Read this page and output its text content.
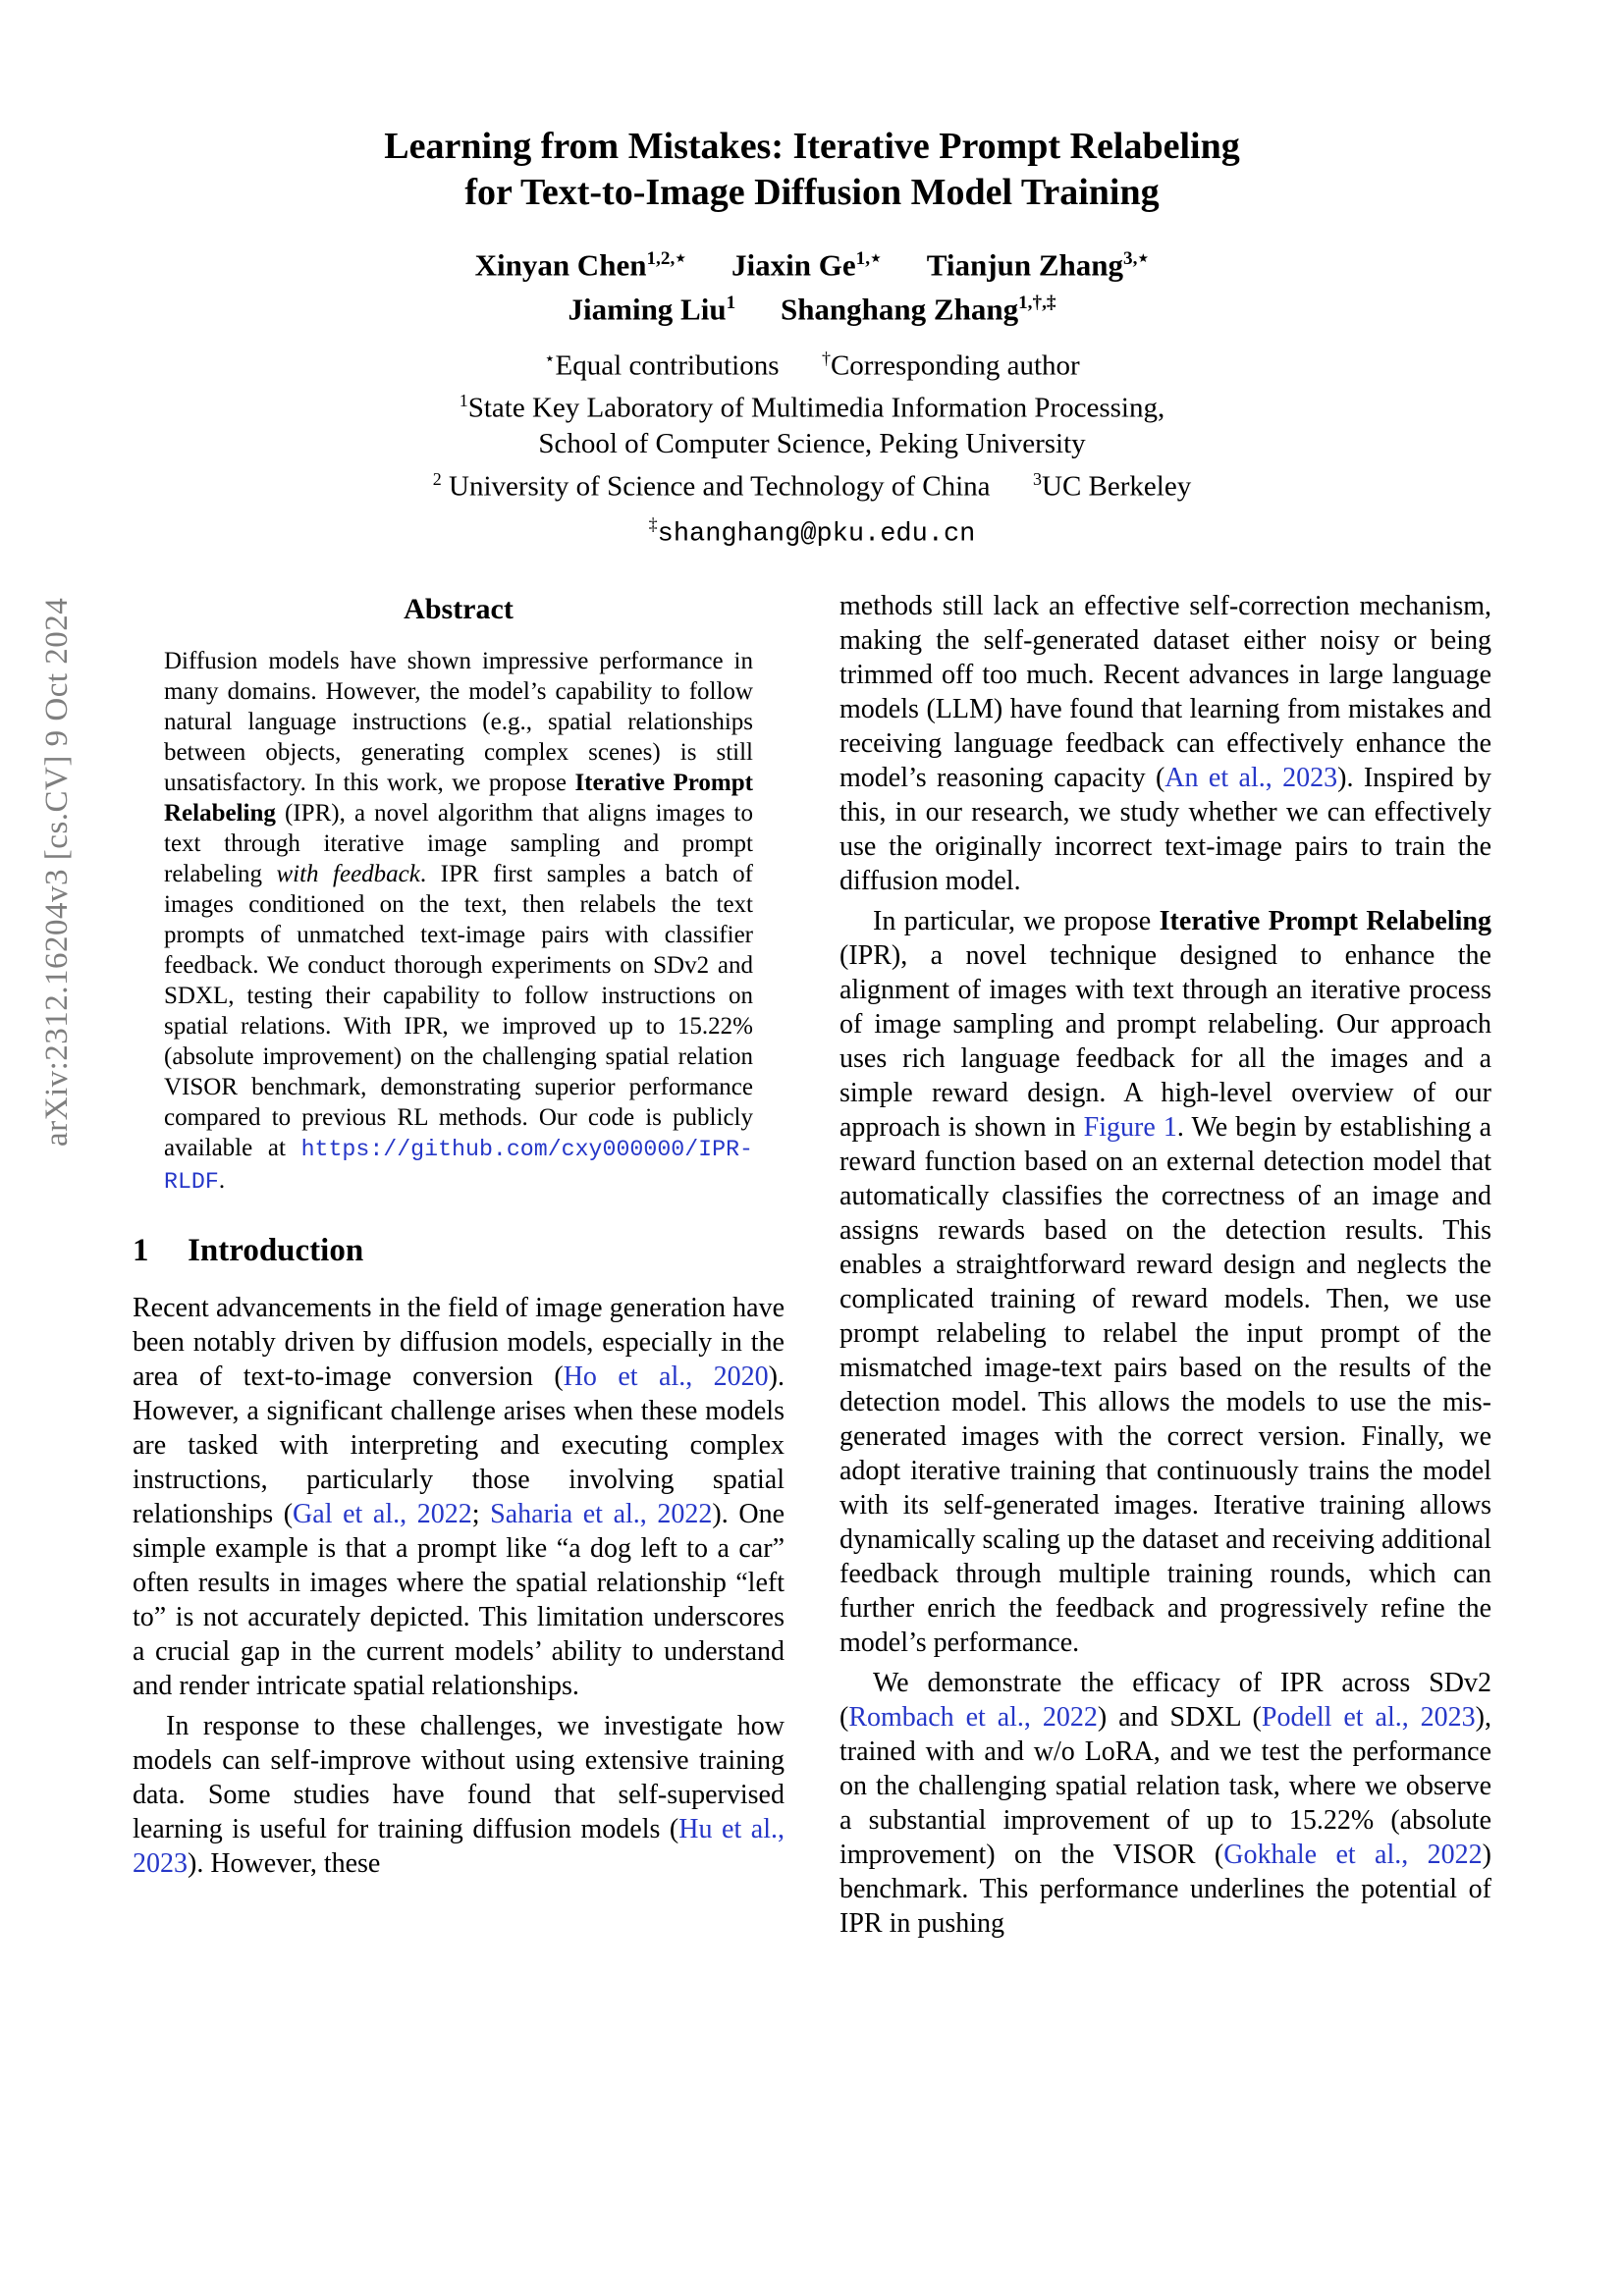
arXiv:2312.16204v3 [cs.CV] 9 Oct 2024
Learning from Mistakes: Iterative Prompt Relabeling
for Text-to-Image Diffusion Model Training
Xinyan Chen$^{1,2,⋆}$ Jiaxin $Ge^{1,⋆}$ Tianjun Zhang$^{3,⋆}$
Jiaming Liu$^1$ Shanghang Zhang$^{1,\dagger,\ddagger}$
⋆Equal contributions †Corresponding author
$^1$State Key Laboratory of Multimedia Information Processing,
School of Computer Science, Peking University
$^2$ University of Science and Technology of China $^3$UC Berkeley
‡shanghang@pku.edu.cn
Abstract

Diffusion models have shown impressive performance in many domains. However, the model’s capability to follow natural language instructions (e.g., spatial relationships between objects, generating complex scenes) is still unsatisfactory. In this work, we propose Iterative Prompt Relabeling (IPR), a novel algorithm that aligns images to text through iterative image sampling and prompt relabeling with feedback. IPR first samples a batch of images conditioned on the text, then relabels the text prompts of unmatched text-image pairs with classifier feedback. We conduct thorough experiments on SDv2 and SDXL, testing their capability to follow instructions on spatial relations. With IPR, we improved up to 15.22% (absolute improvement) on the challenging spatial relation VISOR benchmark, demonstrating superior performance compared to previous RL methods. Our code is publicly available at https://github.com/cxy000000/IPR-RLDF.

1 Introduction

Recent advancements in the field of image generation have been notably driven by diffusion models, especially in the area of text-to-image conversion (Ho et al., 2020). However, a significant challenge arises when these models are tasked with interpreting and executing complex instructions, particularly those involving spatial relationships (Gal et al., 2022; Saharia et al., 2022). One simple example is that a prompt like “a dog left to a car” often results in images where the spatial relationship “left to” is not accurately depicted. This limitation underscores a crucial gap in the current models’ ability to understand and render intricate spatial relationships.

In response to these challenges, we investigate how models can self-improve without using extensive training data. Some studies have found that self-supervised learning is useful for training diffusion models (Hu et al., 2023). However, these

methods still lack an effective self-correction mechanism, making the self-generated dataset either noisy or being trimmed off too much. Recent advances in large language models (LLM) have found that learning from mistakes and receiving language feedback can effectively enhance the model’s reasoning capacity (An et al., 2023). Inspired by this, in our research, we study whether we can effectively use the originally incorrect text-image pairs to train the diffusion model.

In particular, we propose Iterative Prompt Relabeling (IPR), a novel technique designed to enhance the alignment of images with text through an iterative process of image sampling and prompt relabeling. Our approach uses rich language feedback for all the images and a simple reward design. A high-level overview of our approach is shown in Figure 1. We begin by establishing a reward function based on an external detection model that automatically classifies the correctness of an image and assigns rewards based on the detection results. This enables a straightforward reward design and neglects the complicated training of reward models. Then, we use prompt relabeling to relabel the input prompt of the mismatched image-text pairs based on the results of the detection model. This allows the models to use the mis-generated images with the correct version. Finally, we adopt iterative training that continuously trains the model with its self-generated images. Iterative training allows dynamically scaling up the dataset and receiving additional feedback through multiple training rounds, which can further enrich the feedback and progressively refine the model’s performance.

We demonstrate the efficacy of IPR across SDv2 (Rombach et al., 2022) and SDXL (Podell et al., 2023), trained with and w/o LoRA, and we test the performance on the challenging spatial relation task, where we observe a substantial improvement of up to 15.22% (absolute improvement) on the VISOR (Gokhale et al., 2022) benchmark. This performance underlines the potential of IPR in pushing
